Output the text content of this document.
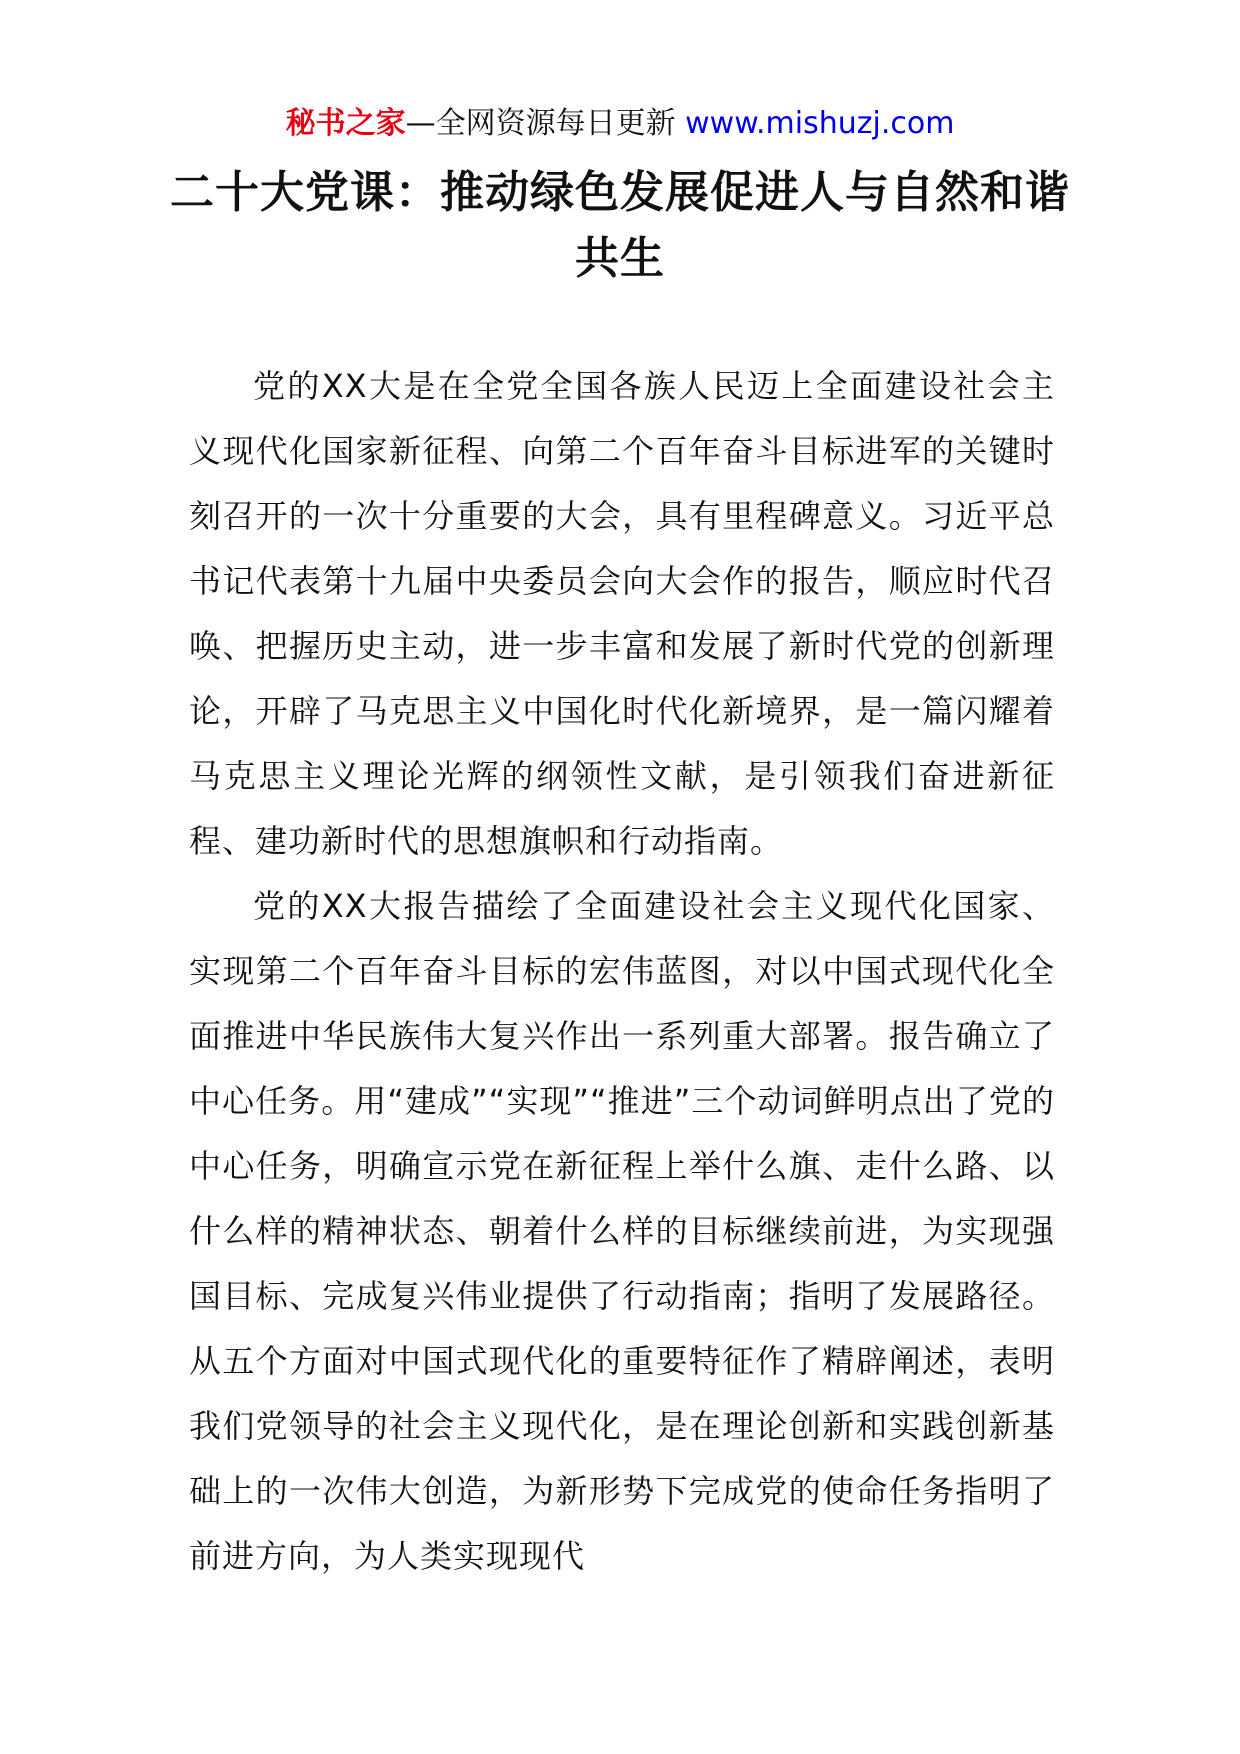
秘书之家—全网资源每日更新 www.mishuzj.com
二十大党课：推动绿色发展促进人与自然和谐共生

党的XX大是在全党全国各族人民迈上全面建设社会主义现代化国家新征程、向第二个百年奋斗目标进军的关键时刻召开的一次十分重要的大会，具有里程碑意义。习近平总书记代表第十九届中央委员会向大会作的报告，顺应时代召唤、把握历史主动，进一步丰富和发展了新时代党的创新理论，开辟了马克思主义中国化时代化新境界，是一篇闪耀着马克思主义理论光辉的纲领性文献，是引领我们奋进新征程、建功新时代的思想旗帜和行动指南。

党的XX大报告描绘了全面建设社会主义现代化国家、实现第二个百年奋斗目标的宏伟蓝图，对以中国式现代化全面推进中华民族伟大复兴作出一系列重大部署。报告确立了中心任务。用“建成”“实现”“推进”三个动词鲜明点出了党的中心任务，明确宣示党在新征程上举什么旗、走什么路、以什么样的精神状态、朝着什么样的目标继续前进，为实现强国目标、完成复兴伟业提供了行动指南；指明了发展路径。从五个方面对中国式现代化的重要特征作了精辟阐述，表明我们党领导的社会主义现代化，是在理论创新和实践创新基础上的一次伟大创造，为新形势下完成党的使命任务指明了前进方向，为人类实现现代
